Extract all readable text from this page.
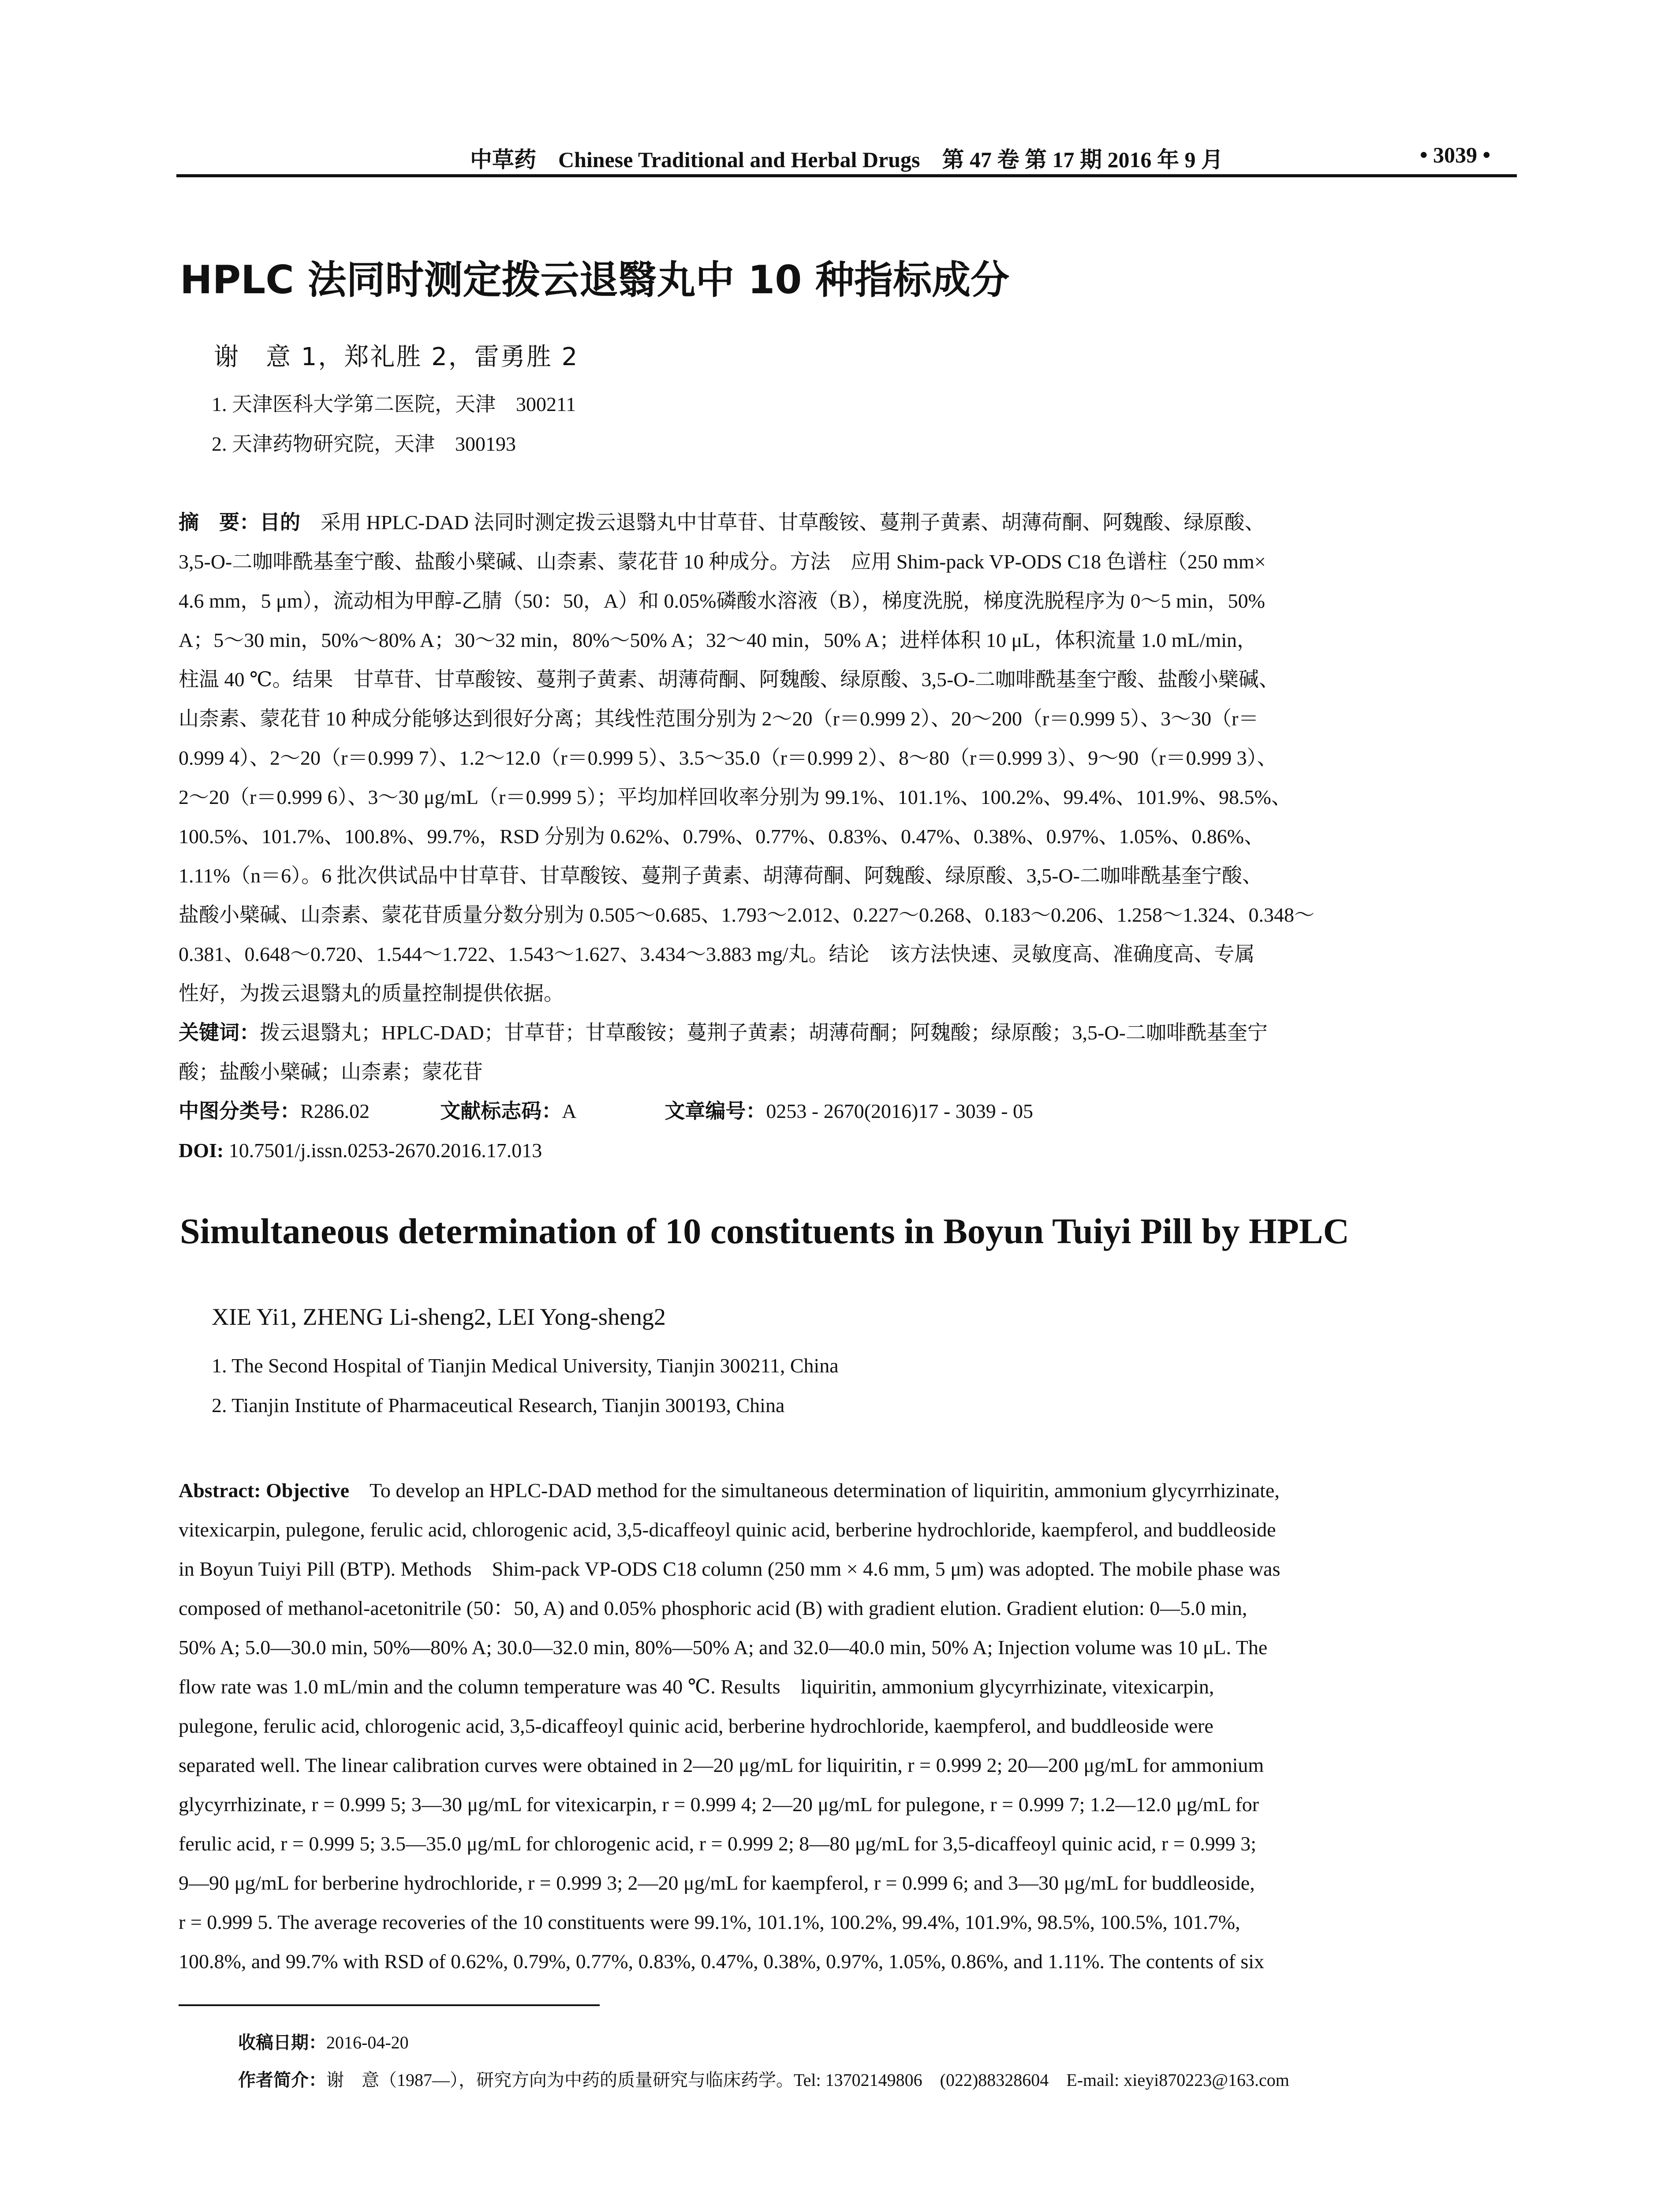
中草药　Chinese Traditional and Herbal Drugs　第 47 卷 第 17 期 2016 年 9 月	• 3039 •
HPLC 法同时测定拨云退翳丸中 10 种指标成分
谢　意 1，郑礼胜 2，雷勇胜 2
1. 天津医科大学第二医院，天津　300211
2. 天津药物研究院，天津　300193
摘　要：目的　采用 HPLC-DAD 法同时测定拨云退翳丸中甘草苷、甘草酸铵、蔓荆子黄素、胡薄荷酮、阿魏酸、绿原酸、
3,5-O-二咖啡酰基奎宁酸、盐酸小檗碱、山柰素、蒙花苷 10 种成分。方法　应用 Shim-pack VP-ODS C18 色谱柱（250 mm×
4.6 mm，5 μm），流动相为甲醇-乙腈（50：50，A）和 0.05%磷酸水溶液（B），梯度洗脱，梯度洗脱程序为 0～5 min，50%
A；5～30 min，50%～80% A；30～32 min，80%～50% A；32～40 min，50% A；进样体积 10 μL，体积流量 1.0 mL/min，
柱温 40 ℃。结果　甘草苷、甘草酸铵、蔓荆子黄素、胡薄荷酮、阿魏酸、绿原酸、3,5-O-二咖啡酰基奎宁酸、盐酸小檗碱、
山柰素、蒙花苷 10 种成分能够达到很好分离；其线性范围分别为 2～20（r＝0.999 2）、20～200（r＝0.999 5）、3～30（r＝
0.999 4）、2～20（r＝0.999 7）、1.2～12.0（r＝0.999 5）、3.5～35.0（r＝0.999 2）、8～80（r＝0.999 3）、9～90（r＝0.999 3）、
2～20（r＝0.999 6）、3～30 μg/mL（r＝0.999 5）；平均加样回收率分别为 99.1%、101.1%、100.2%、99.4%、101.9%、98.5%、
100.5%、101.7%、100.8%、99.7%，RSD 分别为 0.62%、0.79%、0.77%、0.83%、0.47%、0.38%、0.97%、1.05%、0.86%、
1.11%（n＝6）。6 批次供试品中甘草苷、甘草酸铵、蔓荆子黄素、胡薄荷酮、阿魏酸、绿原酸、3,5-O-二咖啡酰基奎宁酸、
盐酸小檗碱、山柰素、蒙花苷质量分数分别为 0.505～0.685、1.793～2.012、0.227～0.268、0.183～0.206、1.258～1.324、0.348～
0.381、0.648～0.720、1.544～1.722、1.543～1.627、3.434～3.883 mg/丸。结论　该方法快速、灵敏度高、准确度高、专属
性好，为拨云退翳丸的质量控制提供依据。
关键词：拨云退翳丸；HPLC-DAD；甘草苷；甘草酸铵；蔓荆子黄素；胡薄荷酮；阿魏酸；绿原酸；3,5-O-二咖啡酰基奎宁
酸；盐酸小檗碱；山柰素；蒙花苷
中图分类号：R286.02	文献标志码：A	文章编号：0253 - 2670(2016)17 - 3039 - 05
DOI: 10.7501/j.issn.0253-2670.2016.17.013
Simultaneous determination of 10 constituents in Boyun Tuiyi Pill by HPLC
XIE Yi1, ZHENG Li-sheng2, LEI Yong-sheng2
1. The Second Hospital of Tianjin Medical University, Tianjin 300211, China
2. Tianjin Institute of Pharmaceutical Research, Tianjin 300193, China
Abstract: Objective　To develop an HPLC-DAD method for the simultaneous determination of liquiritin, ammonium glycyrrhizinate,
vitexicarpin, pulegone, ferulic acid, chlorogenic acid, 3,5-dicaffeoyl quinic acid, berberine hydrochloride, kaempferol, and buddleoside
in Boyun Tuiyi Pill (BTP). Methods　Shim-pack VP-ODS C18 column (250 mm × 4.6 mm, 5 μm) was adopted. The mobile phase was
composed of methanol-acetonitrile (50：50, A) and 0.05% phosphoric acid (B) with gradient elution. Gradient elution: 0—5.0 min,
50% A; 5.0—30.0 min, 50%—80% A; 30.0—32.0 min, 80%—50% A; and 32.0—40.0 min, 50% A; Injection volume was 10 μL. The
flow rate was 1.0 mL/min and the column temperature was 40 ℃. Results　liquiritin, ammonium glycyrrhizinate, vitexicarpin,
pulegone, ferulic acid, chlorogenic acid, 3,5-dicaffeoyl quinic acid, berberine hydrochloride, kaempferol, and buddleoside were
separated well. The linear calibration curves were obtained in 2—20 μg/mL for liquiritin, r = 0.999 2; 20—200 μg/mL for ammonium
glycyrrhizinate, r = 0.999 5; 3—30 μg/mL for vitexicarpin, r = 0.999 4; 2—20 μg/mL for pulegone, r = 0.999 7; 1.2—12.0 μg/mL for
ferulic acid, r = 0.999 5; 3.5—35.0 μg/mL for chlorogenic acid, r = 0.999 2; 8—80 μg/mL for 3,5-dicaffeoyl quinic acid, r = 0.999 3;
9—90 μg/mL for berberine hydrochloride, r = 0.999 3; 2—20 μg/mL for kaempferol, r = 0.999 6; and 3—30 μg/mL for buddleoside,
r = 0.999 5. The average recoveries of the 10 constituents were 99.1%, 101.1%, 100.2%, 99.4%, 101.9%, 98.5%, 100.5%, 101.7%,
100.8%, and 99.7% with RSD of 0.62%, 0.79%, 0.77%, 0.83%, 0.47%, 0.38%, 0.97%, 1.05%, 0.86%, and 1.11%. The contents of six
收稿日期：2016-04-20
作者简介：谢　意（1987—），研究方向为中药的质量研究与临床药学。Tel: 13702149806　(022)88328604　E-mail: xieyi870223@163.com
